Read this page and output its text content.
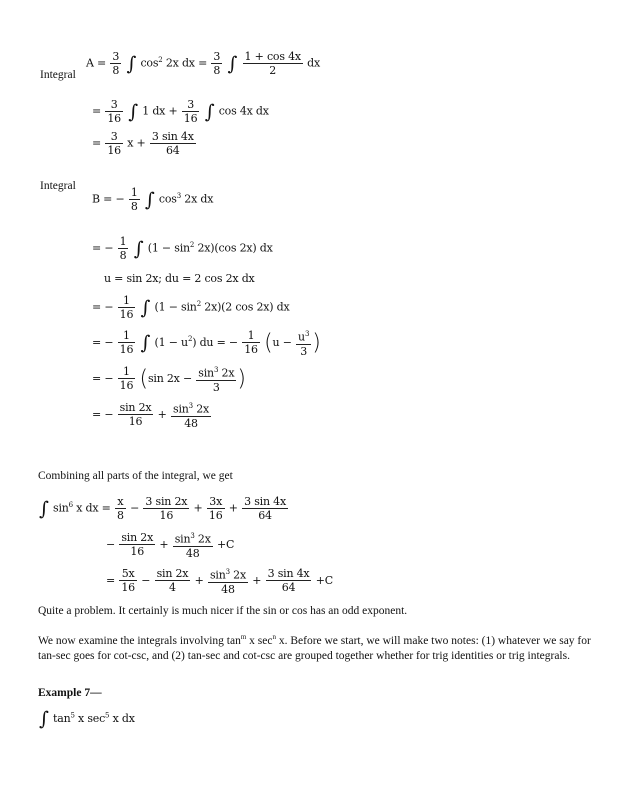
Integral
$A = \frac{3}{8}$ ∫ $\cos^2 2x$ dx = $\frac{3}{8}$ ∫ $\frac{1 + \cos 4x}{2}$ dx
= $\frac{3}{16}$ ∫ 1 dx + $\frac{3}{16}$ ∫ cos 4x dx
= $\frac{3}{16}$ $x + \frac{3 \sin 4x}{64}$
Integral
B = − $\frac{1}{8}$ ∫ $\cos^3 2x$ dx
= − $\frac{1}{8}$ ∫ $(1 - \sin^2 2x)(\cos$ 2x) dx
u = sin 2x; du = 2 cos 2x dx
= − $\frac{1}{16}$ ∫ $(1 - \sin^2 2x)(2$ cos 2x) dx
= − $\frac{1}{16}$ ∫ $(1 - u^2)$ du = − $\frac{1}{16} (u - \frac{u^3}{3}$ )
= − $\frac{1}{16} (\sin$ $2x - \frac{\sin^3 2x}{3}$ )
= − $\frac{\sin 2x}{16} + \frac{\sin^3 2x}{48}$
Combining all parts of the integral, we get
∫ $\sin^6 x$ dx = $\frac{x}{8} - \frac{3 \sin 2x}{16} + \frac{3x}{16} + \frac{3 \sin 4x}{64}$
− $\frac{\sin 2x}{16} + \frac{\sin^3 2x}{48} +C$
= $\frac{5x}{16} - \frac{\sin 2x}{4} + \frac{\sin^3 2x}{48} + \frac{3 \sin 4x}{64} +C$
Quite a problem. It certainly is much nicer if the sin or cos has an odd exponent.
We now examine the integrals involving $\tan^m x$ $\sec^n x$. Before we start, we will make two notes: (1) whatever we say for tan-sec goes for cot-csc, and (2) tan-sec and cot-csc are grouped together whether for trig identities or trig integrals.
Example 7—
∫ $\tan^5 x$ $\sec^5 x$ dx
